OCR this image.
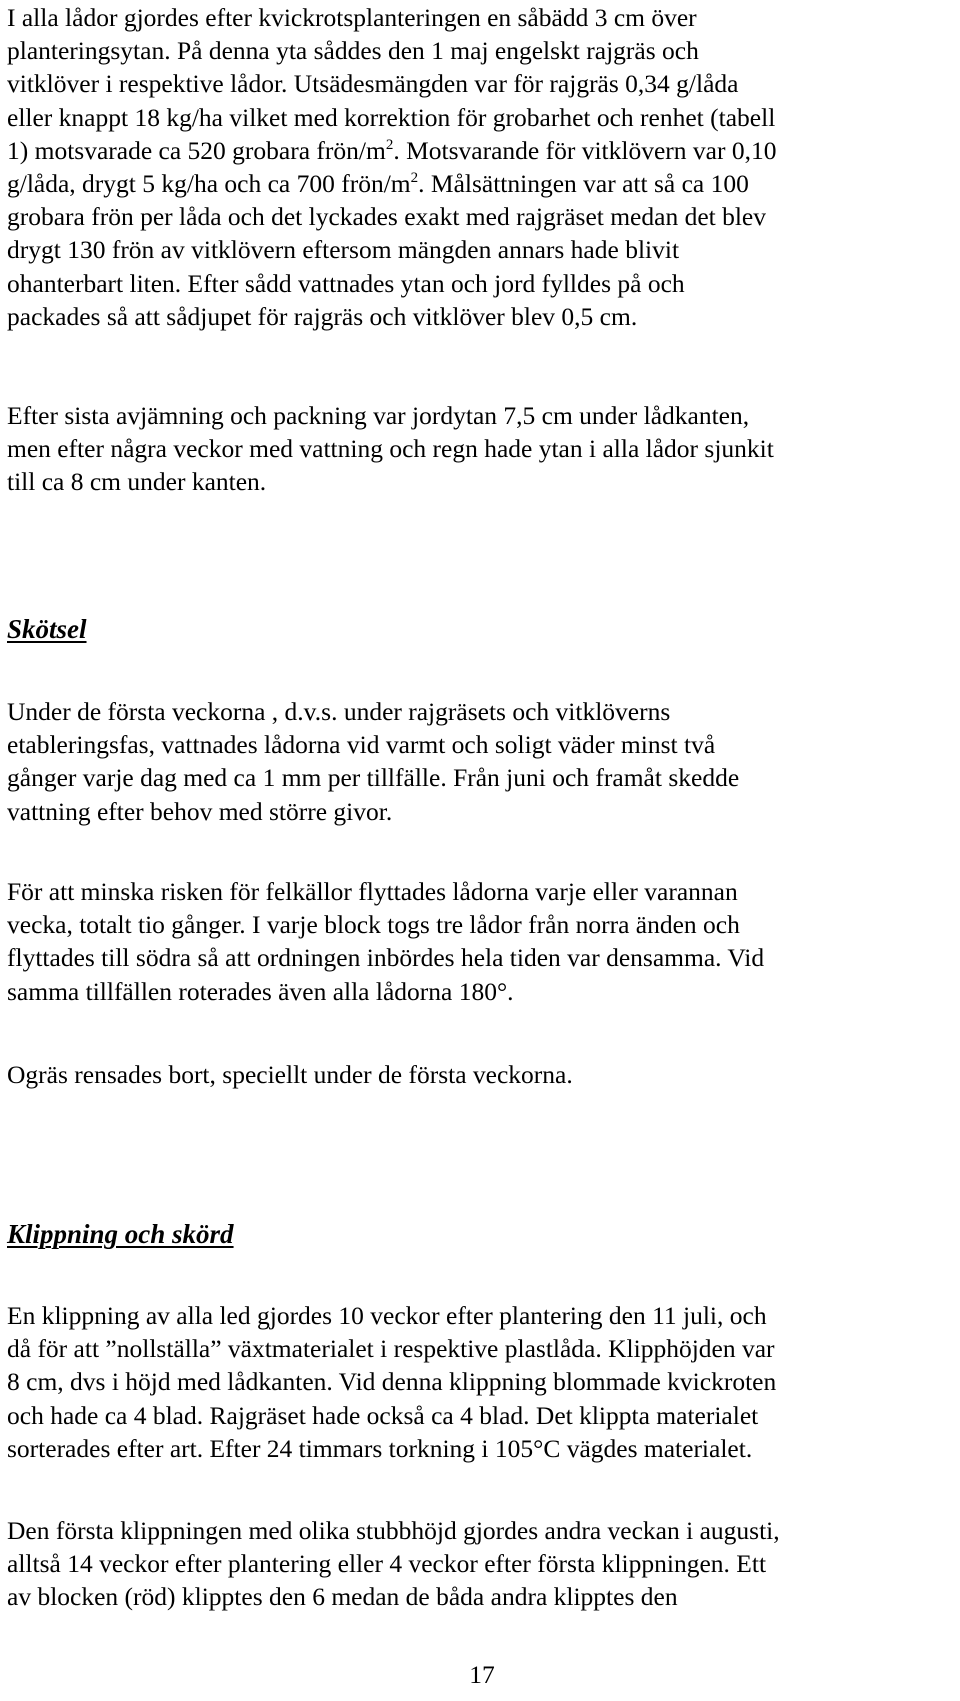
I alla lådor gjordes efter kvickrotsplanteringen en såbädd 3 cm över
planteringsytan. På denna yta såddes den 1 maj engelskt rajgräs och
vitklöver i respektive lådor. Utsädesmängden var för rajgräs 0,34 g/låda
eller knappt 18 kg/ha vilket med korrektion för grobarhet och renhet (tabell
1) motsvarade ca 520 grobara frön/$m^2$. Motsvarande för vitklövern var 0,10
g/låda, drygt 5 kg/ha och ca 700 frön/$m^2$. Målsättningen var att så ca 100
grobara frön per låda och det lyckades exakt med rajgräset medan det blev
drygt 130 frön av vitklövern eftersom mängden annars hade blivit
ohanterbart liten. Efter sådd vattnades ytan och jord fylldes på och
packades så att sådjupet för rajgräs och vitklöver blev 0,5 cm.

Efter sista avjämning och packning var jordytan 7,5 cm under lådkanten,
men efter några veckor med vattning och regn hade ytan i alla lådor sjunkit
till ca 8 cm under kanten.

Skötsel

Under de första veckorna , d.v.s. under rajgräsets och vitklöverns
etableringsfas, vattnades lådorna vid varmt och soligt väder minst två
gånger varje dag med ca 1 mm per tillfälle. Från juni och framåt skedde
vattning efter behov med större givor.

För att minska risken för felkällor flyttades lådorna varje eller varannan
vecka, totalt tio gånger. I varje block togs tre lådor från norra änden och
flyttades till södra så att ordningen inbördes hela tiden var densamma. Vid
samma tillfällen roterades även alla lådorna 180°.

Ogräs rensades bort, speciellt under de första veckorna.

Klippning och skörd

En klippning av alla led gjordes 10 veckor efter plantering den 11 juli, och
då för att ”nollställa” växtmaterialet i respektive plastlåda. Klipphöjden var
8 cm, dvs i höjd med lådkanten. Vid denna klippning blommade kvickroten
och hade ca 4 blad. Rajgräset hade också ca 4 blad. Det klippta materialet
sorterades efter art. Efter 24 timmars torkning i 105°C vägdes materialet.

Den första klippningen med olika stubbhöjd gjordes andra veckan i augusti,
alltså 14 veckor efter plantering eller 4 veckor efter första klippningen. Ett
av blocken (röd) klipptes den 6 medan de båda andra klipptes den

17
